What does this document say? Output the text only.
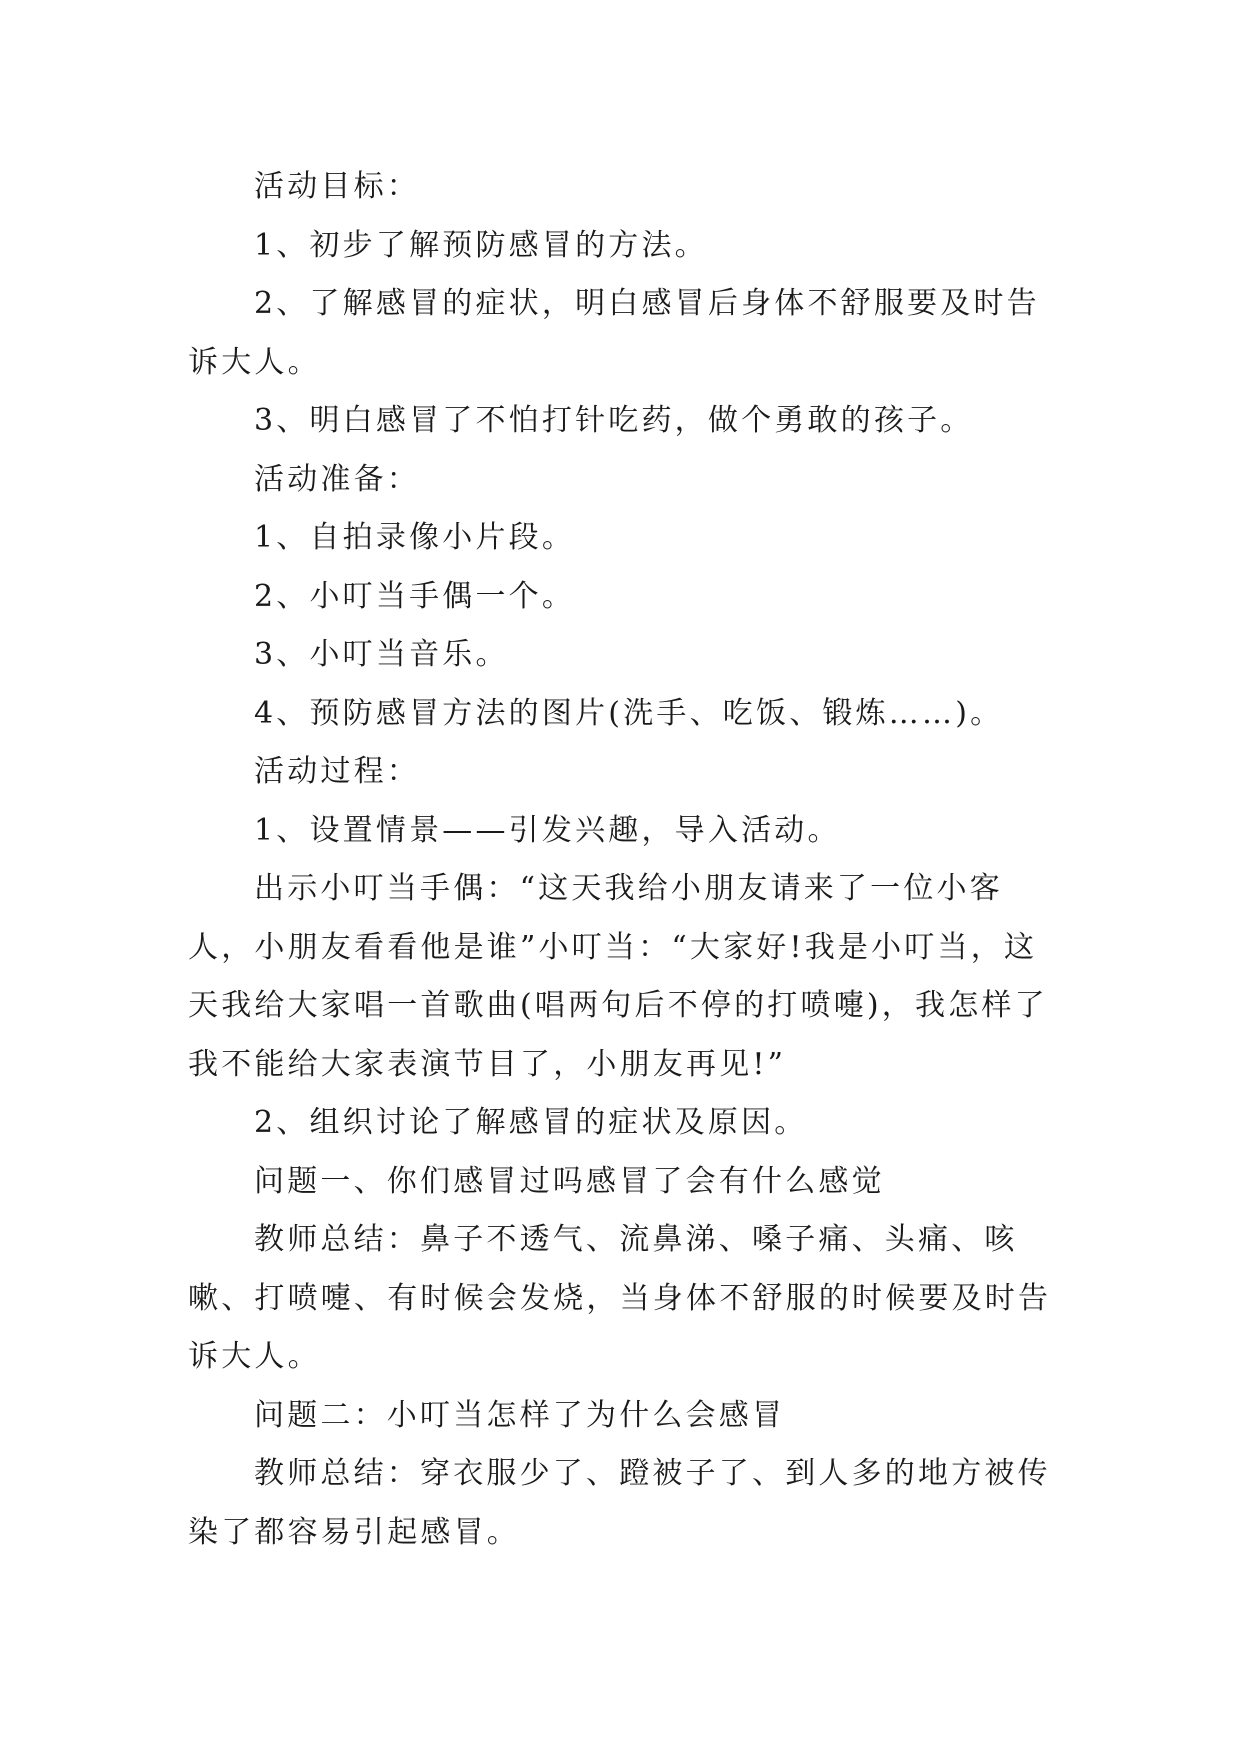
活动目标：

1、初步了解预防感冒的方法。

2、了解感冒的症状，明白感冒后身体不舒服要及时告诉大人。

3、明白感冒了不怕打针吃药，做个勇敢的孩子。

活动准备：

1、自拍录像小片段。

2、小叮当手偶一个。

3、小叮当音乐。

4、预防感冒方法的图片(洗手、吃饭、锻炼……)。

活动过程：

1、设置情景——引发兴趣，导入活动。

出示小叮当手偶：“这天我给小朋友请来了一位小客人，小朋友看看他是谁”小叮当：“大家好!我是小叮当，这天我给大家唱一首歌曲(唱两句后不停的打喷嚏)，我怎样了我不能给大家表演节目了，小朋友再见!”

2、组织讨论了解感冒的症状及原因。

问题一、你们感冒过吗感冒了会有什么感觉

教师总结：鼻子不透气、流鼻涕、嗓子痛、头痛、咳嗽、打喷嚏、有时候会发烧，当身体不舒服的时候要及时告诉大人。

问题二：小叮当怎样了为什么会感冒

教师总结：穿衣服少了、蹬被子了、到人多的地方被传染了都容易引起感冒。
